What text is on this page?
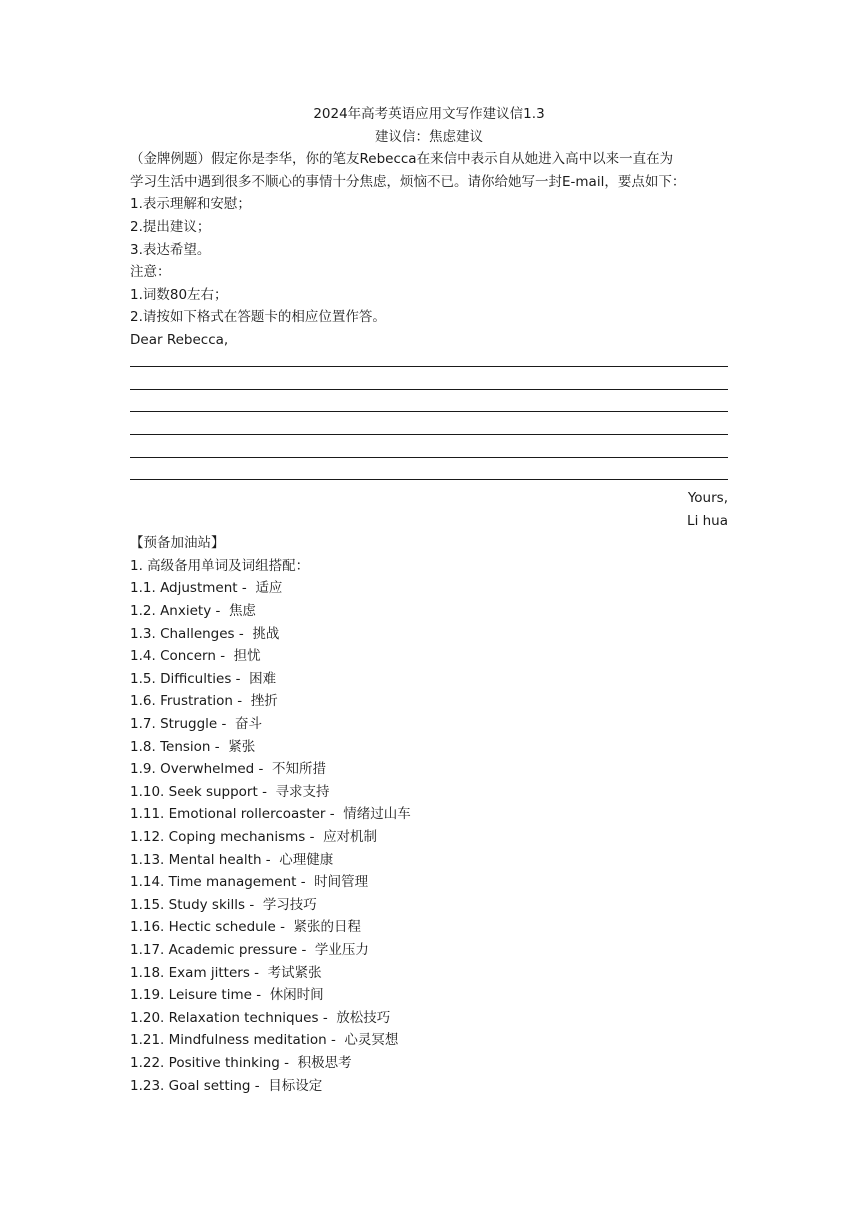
2024年高考英语应用文写作建议信1.3
建议信：焦虑建议
（金牌例题）假定你是李华，你的笔友Rebecca在来信中表示自从她进入高中以来一直在为
学习生活中遇到很多不顺心的事情十分焦虑，烦恼不已。请你给她写一封E-mail，要点如下：
1.表示理解和安慰；
2.提出建议；
3.表达希望。
注意：
1.词数80左右；
2.请按如下格式在答题卡的相应位置作答。
Dear Rebecca,
Yours,
Li hua
【预备加油站】
1. 高级备用单词及词组搭配：
1.1. Adjustment -  适应
1.2. Anxiety -  焦虑
1.3. Challenges -  挑战
1.4. Concern -  担忧
1.5. Difficulties -  困难
1.6. Frustration -  挫折
1.7. Struggle -  奋斗
1.8. Tension -  紧张
1.9. Overwhelmed -  不知所措
1.10. Seek support -  寻求支持
1.11. Emotional rollercoaster -  情绪过山车
1.12. Coping mechanisms -  应对机制
1.13. Mental health -  心理健康
1.14. Time management -  时间管理
1.15. Study skills -  学习技巧
1.16. Hectic schedule -  紧张的日程
1.17. Academic pressure -  学业压力
1.18. Exam jitters -  考试紧张
1.19. Leisure time -  休闲时间
1.20. Relaxation techniques -  放松技巧
1.21. Mindfulness meditation -  心灵冥想
1.22. Positive thinking -  积极思考
1.23. Goal setting -  目标设定
